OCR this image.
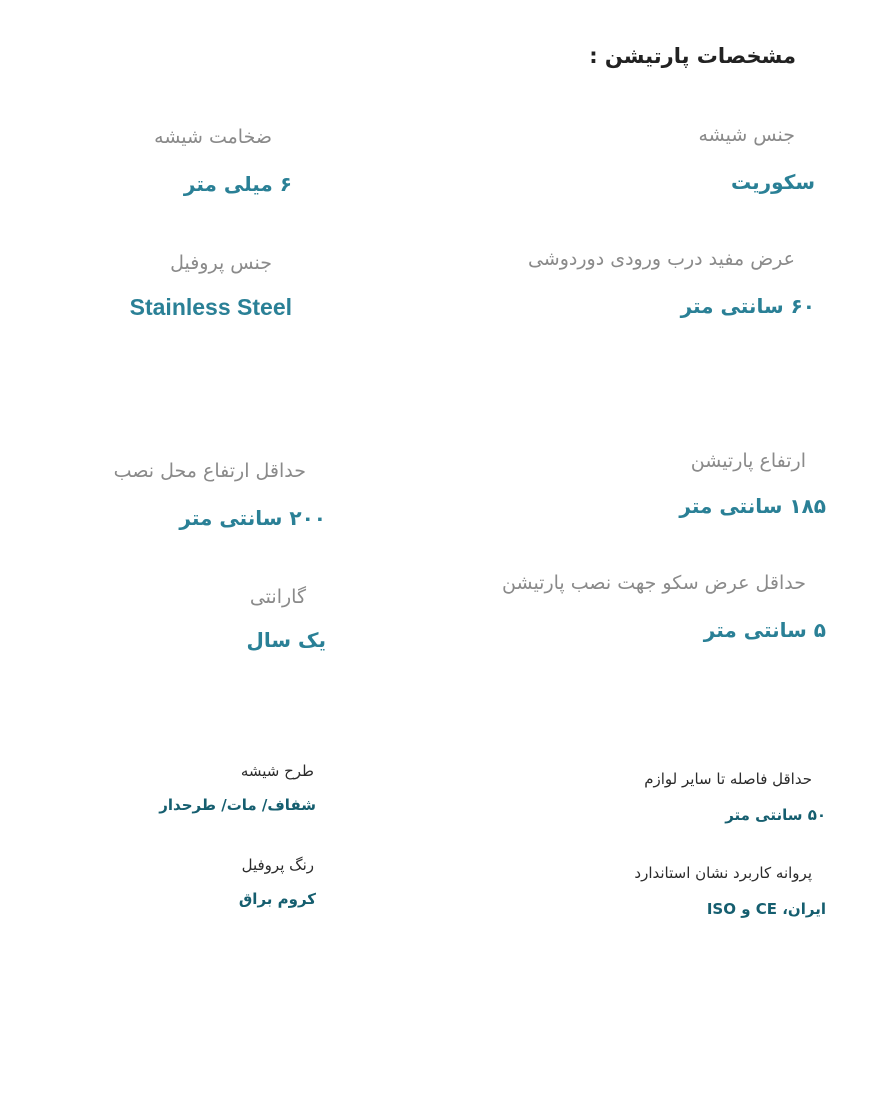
مشخصات پارتیشن :
جنس شیشه
سکوریت
ضخامت شیشه
۶ میلی متر
عرض مفید درب ورودی دوردوشی
۶۰ سانتی متر
جنس پروفیل
Stainless Steel
ارتفاع پارتیشن
۱۸۵ سانتی متر
حداقل ارتفاع محل نصب
۲۰۰ سانتی متر
حداقل عرض سکو جهت نصب پارتیشن
۵ سانتی متر
گارانتی
یک سال
حداقل فاصله تا سایر لوازم
۵۰ سانتی متر
طرح شیشه
شفاف/ مات/ طرحدار
پروانه کاربرد نشان استاندارد
ایران، CE و ISO
رنگ پروفیل
کروم براق
